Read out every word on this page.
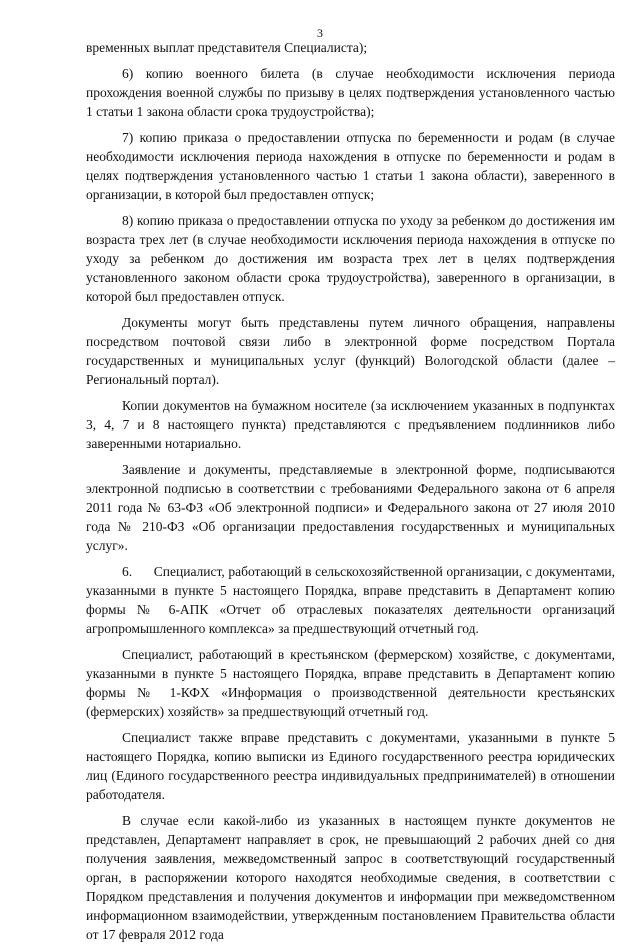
3

временных выплат представителя Специалиста);

6) копию военного билета (в случае необходимости исключения периода прохождения военной службы по призыву в целях подтверждения установленного частью 1 статьи 1 закона области срока трудоустройства);

7) копию приказа о предоставлении отпуска по беременности и родам (в случае необходимости исключения периода нахождения в отпуске по беременности и родам в целях подтверждения установленного частью 1 статьи 1 закона области), заверенного в организации, в которой был предоставлен отпуск;

8) копию приказа о предоставлении отпуска по уходу за ребенком до достижения им возраста трех лет (в случае необходимости исключения периода нахождения в отпуске по уходу за ребенком до достижения им возраста трех лет в целях подтверждения установленного законом области срока трудоустройства), заверенного в организации, в которой был предоставлен отпуск.

Документы могут быть представлены путем личного обращения, направлены посредством почтовой связи либо в электронной форме посредством Портала государственных и муниципальных услуг (функций) Вологодской области (далее – Региональный портал).

Копии документов на бумажном носителе (за исключением указанных в подпунктах 3, 4, 7 и 8 настоящего пункта) представляются с предъявлением подлинников либо заверенными нотариально.

Заявление и документы, представляемые в электронной форме, подписываются электронной подписью в соответствии с требованиями Федерального закона от 6 апреля 2011 года № 63-ФЗ «Об электронной подписи» и Федерального закона от 27 июля 2010 года № 210-ФЗ «Об организации предоставления государственных и муниципальных услуг».

6.      Специалист, работающий в сельскохозяйственной организации, с документами, указанными в пункте 5 настоящего Порядка, вправе представить в Департамент копию формы № 6-АПК «Отчет об отраслевых показателях деятельности организаций агропромышленного комплекса» за предшествующий отчетный год.

Специалист, работающий в крестьянском (фермерском) хозяйстве, с документами, указанными в пункте 5 настоящего Порядка, вправе представить в Департамент копию формы № 1-КФХ «Информация о производственной деятельности крестьянских (фермерских) хозяйств» за предшествующий отчетный год.

Специалист также вправе представить с документами, указанными в пункте 5 настоящего Порядка, копию выписки из Единого государственного реестра юридических лиц (Единого государственного реестра индивидуальных предпринимателей) в отношении работодателя.

В случае если какой-либо из указанных в настоящем пункте документов не представлен, Департамент направляет в срок, не превышающий 2 рабочих дней со дня получения заявления, межведомственный запрос в соответствующий государственный орган, в распоряжении которого находятся необходимые сведения, в соответствии с Порядком представления и получения документов и информации при межведомственном информационном взаимодействии, утвержденным постановлением Правительства области от 17 февраля 2012 года
